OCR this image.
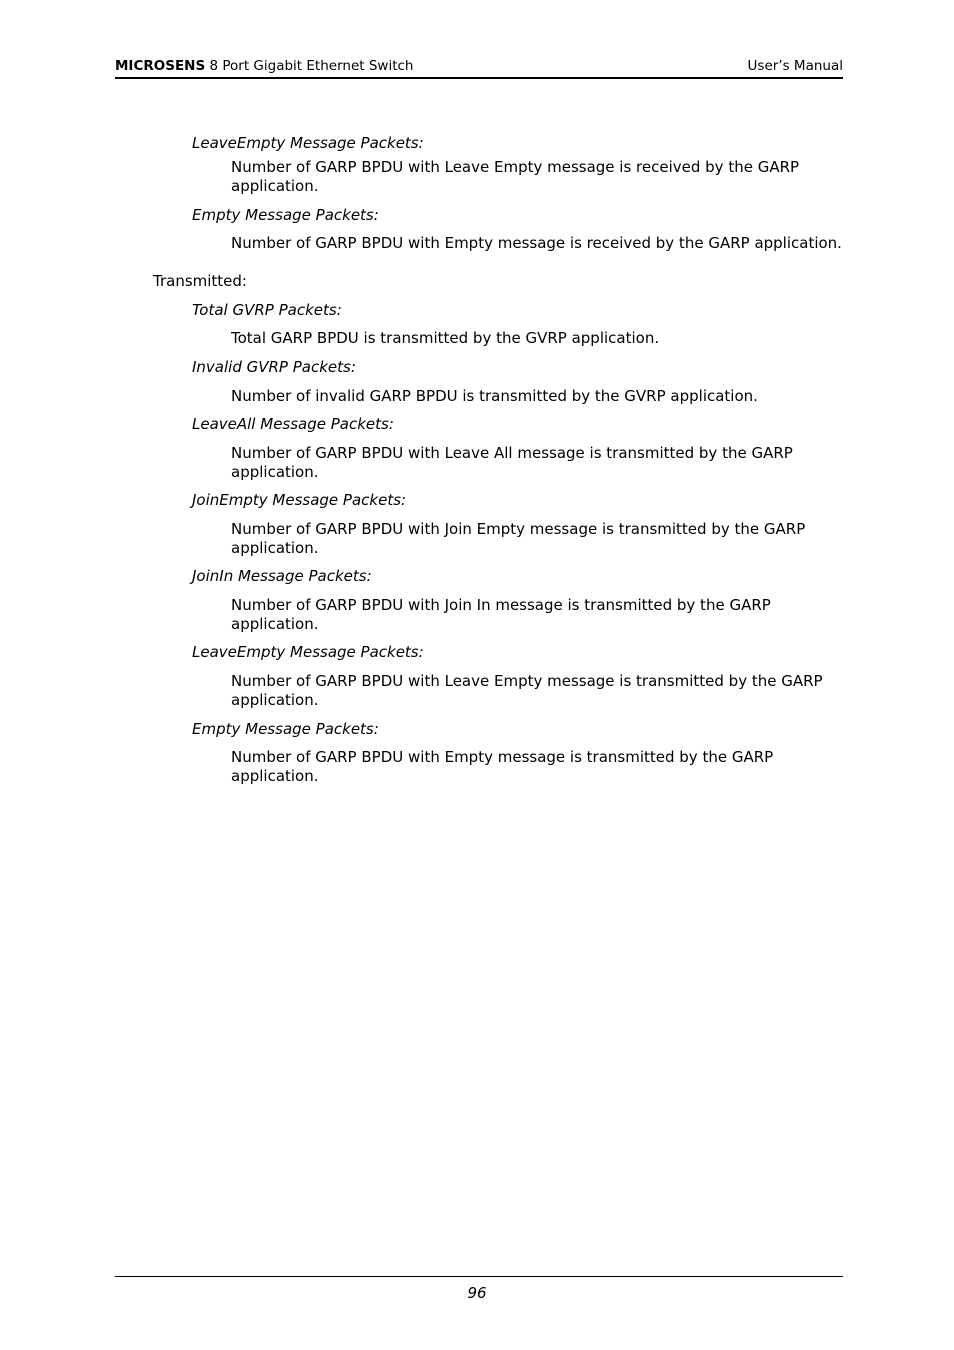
MICROSENS 8 Port Gigabit Ethernet Switch	User’s Manual
LeaveEmpty Message Packets:
Number of GARP BPDU with Leave Empty message is received by the GARP application.
Empty Message Packets:
Number of GARP BPDU with Empty message is received by the GARP application.
Transmitted:
Total GVRP Packets:
Total GARP BPDU is transmitted by the GVRP application.
Invalid GVRP Packets:
Number of invalid GARP BPDU is transmitted by the GVRP application.
LeaveAll Message Packets:
Number of GARP BPDU with Leave All message is transmitted by the GARP application.
JoinEmpty Message Packets:
Number of GARP BPDU with Join Empty message is transmitted by the GARP application.
JoinIn Message Packets:
Number of GARP BPDU with Join In message is transmitted by the GARP application.
LeaveEmpty Message Packets:
Number of GARP BPDU with Leave Empty message is transmitted by the GARP application.
Empty Message Packets:
Number of GARP BPDU with Empty message is transmitted by the GARP application.
96
